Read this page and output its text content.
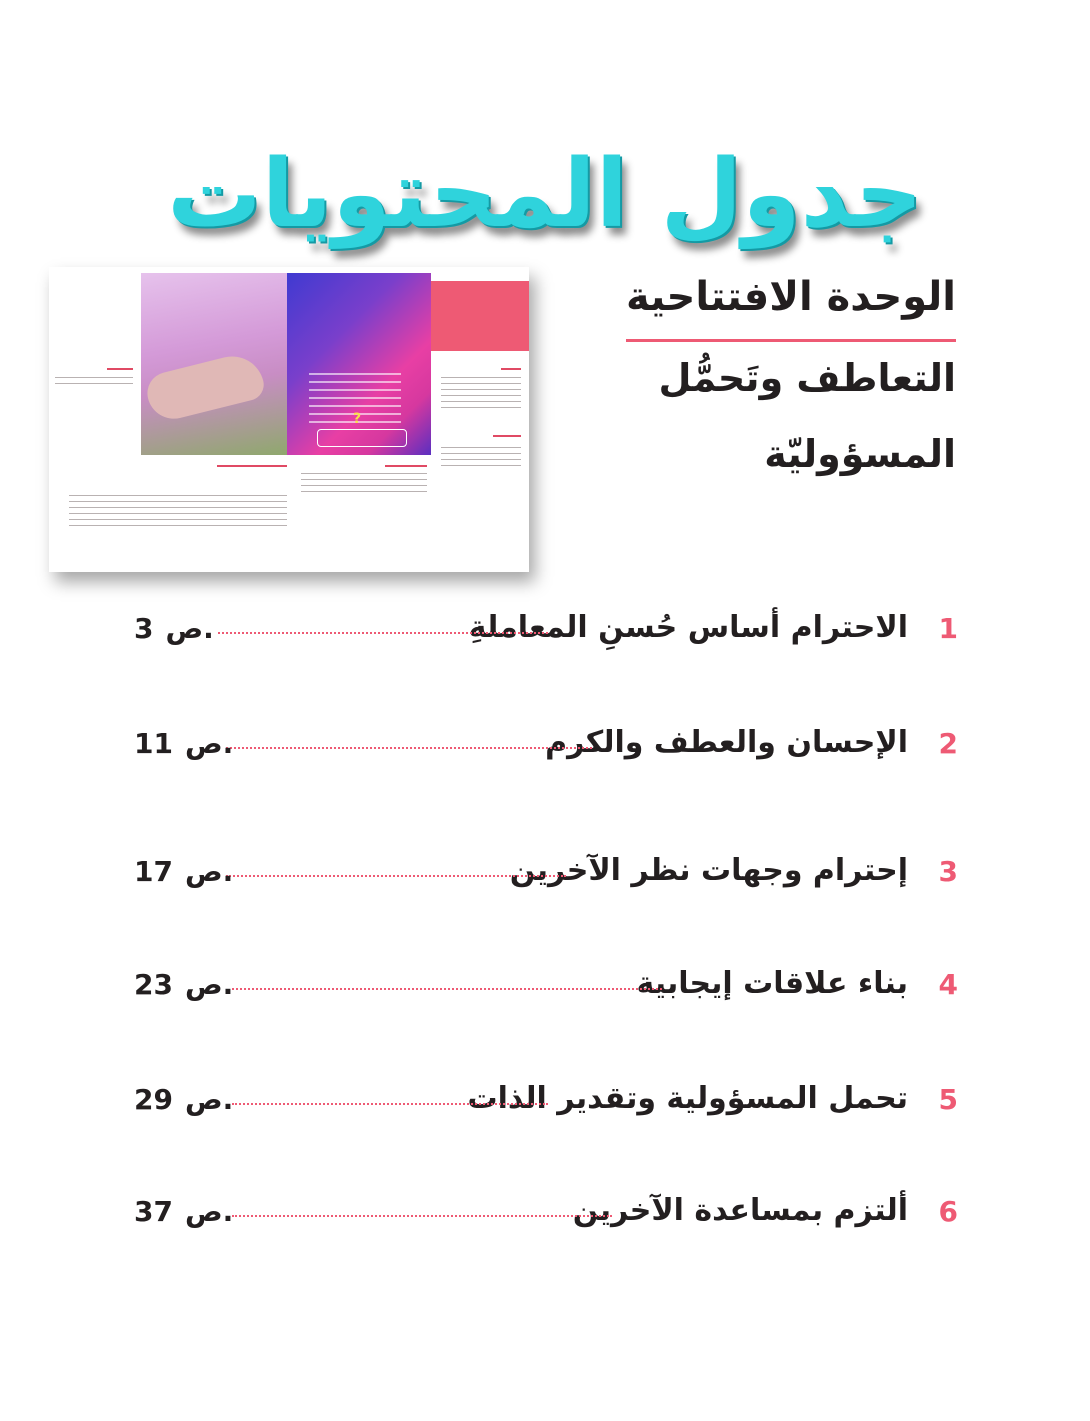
جدول المحتويات
الوحدة الافتتاحية
التعاطف وتَحمُّل
المسؤوليّة
?
1
الاحترام أساس حُسنِ المعاملةِ
3 ص.
2
الإحسان والعطف والكرم
11 ص.
3
إحترام وجهات نظر الآخرين
17 ص.
4
بناء علاقات إيجابية
23 ص.
5
تحمل المسؤولية وتقدير الذات
29 ص.
6
ألتزم بمساعدة الآخرين
37 ص.
